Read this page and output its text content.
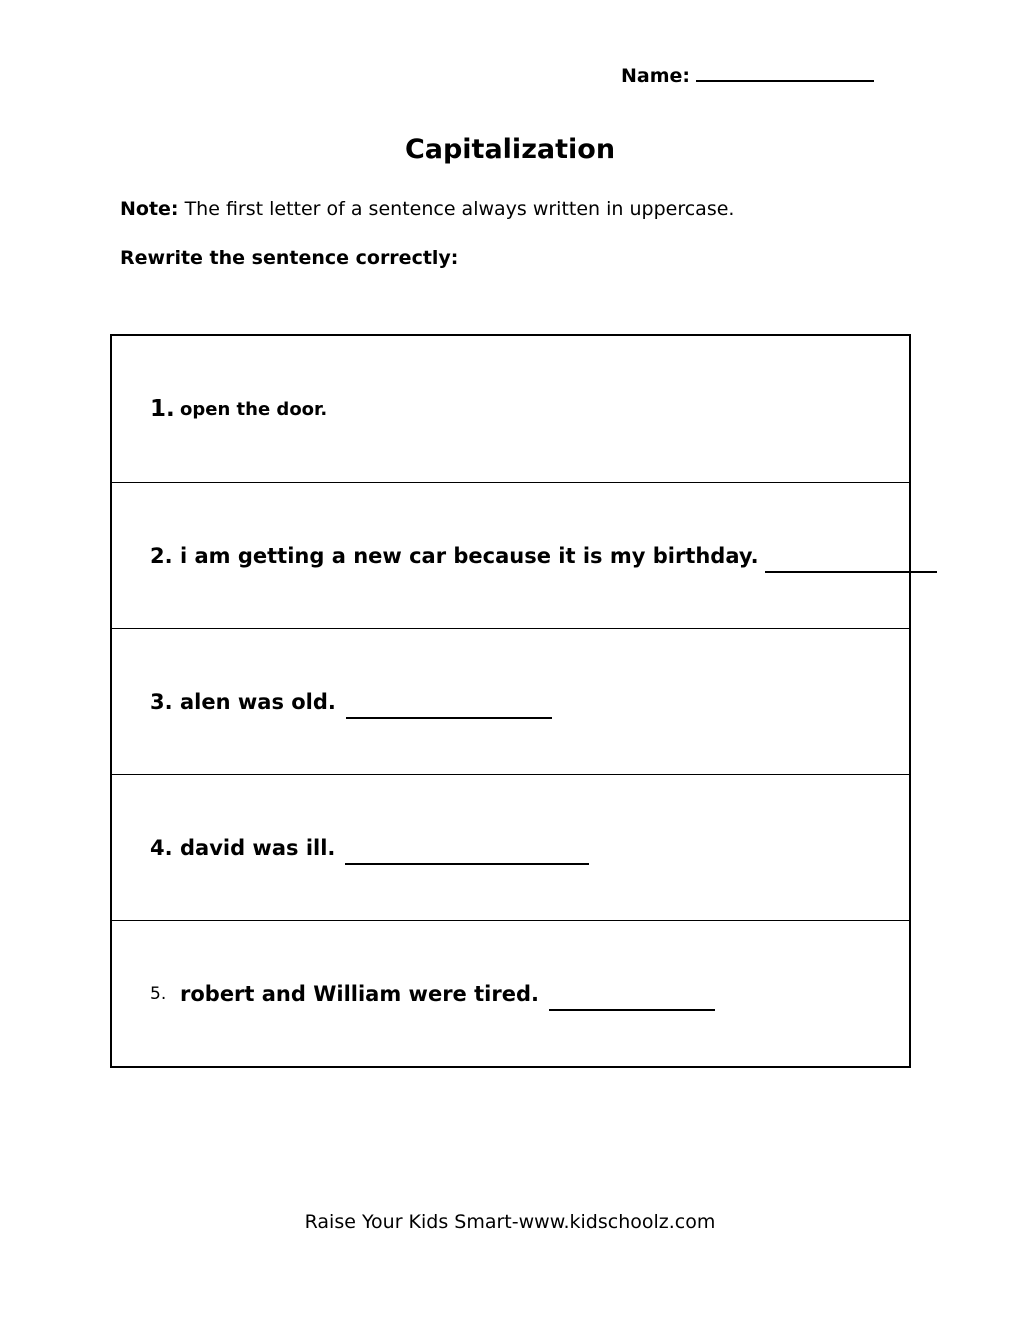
Name:
Capitalization
Note: The first letter of a sentence always written in uppercase.
Rewrite the sentence correctly:
1. open the door.
2. i am getting a new car because it is my birthday.
3. alen was old.
4. david was ill.
5. robert and William were tired.
Raise Your Kids Smart-www.kidschoolz.com
